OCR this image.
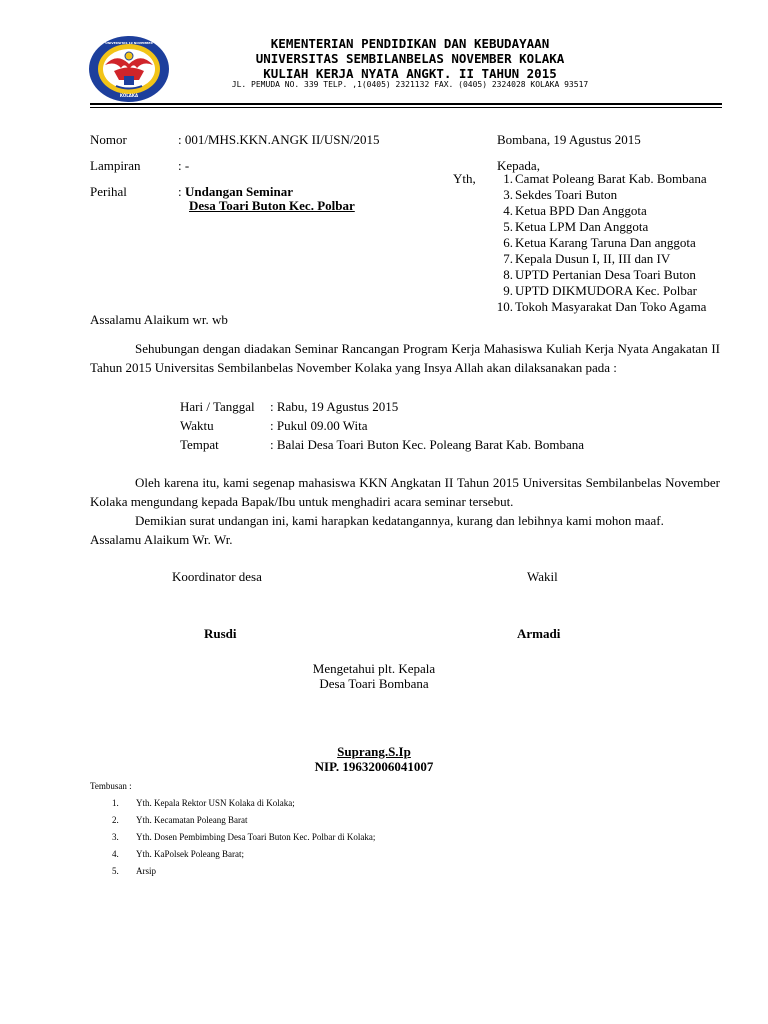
UNIVERSITAS 19 NOVEMBER
KOLAKA
KEMENTERIAN PENDIDIKAN DAN KEBUDAYAAN
UNIVERSITAS SEMBILANBELAS NOVEMBER KOLAKA
KULIAH KERJA NYATA ANGKT. II TAHUN 2015
JL. PEMUDA NO. 339 TELP. ,1(0405) 2321132 FAX. (0405) 2324028 KOLAKA 93517
Nomor	: 001/MHS.KKN.ANGK II/USN/2015
Lampiran	: -
Perihal	: Undangan Seminar
Desa Toari Buton Kec. Polbar
Bombana, 19 Agustus 2015
Kepada,
Yth,	1. Camat Poleang Barat Kab. Bombana
3. Sekdes Toari Buton
4. Ketua BPD Dan Anggota
5. Ketua LPM Dan Anggota
6. Ketua Karang Taruna Dan anggota
7. Kepala Dusun I, II, III dan IV
8. UPTD Pertanian Desa Toari Buton
9. UPTD DIKMUDORA Kec. Polbar
10. Tokoh Masyarakat Dan Toko Agama
Assalamu Alaikum wr. wb
Sehubungan dengan diadakan Seminar Rancangan Program Kerja Mahasiswa Kuliah Kerja Nyata Angakatan II Tahun 2015 Universitas Sembilanbelas November Kolaka yang Insya Allah akan dilaksanakan pada :
Hari / Tanggal	: Rabu, 19 Agustus 2015
Waktu	: Pukul 09.00 Wita
Tempat	: Balai Desa Toari Buton Kec. Poleang Barat Kab. Bombana
Oleh karena itu, kami segenap mahasiswa KKN Angkatan II Tahun 2015 Universitas Sembilanbelas November Kolaka mengundang kepada Bapak/Ibu untuk menghadiri acara seminar tersebut.
Demikian surat undangan ini, kami harapkan kedatangannya, kurang dan lebihnya kami mohon maaf.
Assalamu Alaikum Wr. Wr.
Koordinator desa	Wakil
Rusdi	Armadi
Mengetahui plt. Kepala
Desa Toari Bombana
Suprang.S.Ip
NIP. 19632006041007
Tembusan :
1.	Yth. Kepala Rektor USN Kolaka di Kolaka;
2.	Yth. Kecamatan Poleang Barat
3.	Yth. Dosen Pembimbing Desa Toari Buton Kec. Polbar di Kolaka;
4.	Yth. KaPolsek Poleang Barat;
5.	Arsip
